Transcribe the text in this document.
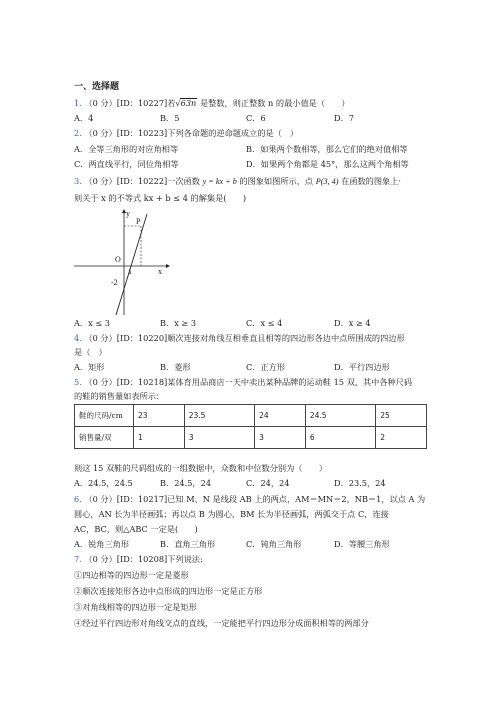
一、选择题
1. （0 分）[ID：10227]若√63n 是整数，则正整数 n 的最小值是（　　）
A．4	B．5	C．6	D．7
2. （0 分）[ID：10223]下列各命题的逆命题成立的是（　）
A．全等三角形的对应角相等	B．如果两个数相等，那么它们的绝对值相等
C．两直线平行，同位角相等	D．如果两个角都是 45°，那么这两个角相等
3. （0 分）[ID：10222]一次函数 y = kx + b 的图象如图所示，点 P(3, 4) 在函数的图象上·
则关于 x 的不等式 kx + b ≤ 4 的解集是(　　)
y
x
O
1
-2
P
A．x ≤ 3	B．x ≥ 3	C．x ≤ 4	D．x ≥ 4
4. （0 分）[ID：10220]顺次连接对角线互相垂直且相等的四边形各边中点所围成的四边形
是（　）
A．矩形	B．菱形	C．正方形	D．平行四边形
5. （0 分）[ID：10218]某体育用品商店一天中卖出某种品牌的运动鞋 15 双，其中各种尺码
的鞋的销售量如表所示：
鞋的尺码/cm	23	23.5	24	24.5	25
销售量/双	1	3	3	6	2
则这 15 双鞋的尺码组成的一组数据中，众数和中位数分别为（　　）
A．24.5，24.5	B．24.5，24	C．24，24	D．23.5，24
6. （0 分）[ID：10217]已知 M、N 是线段 AB 上的两点，AM＝MN＝2，NB＝1，以点 A 为
圆心，AN 长为半径画弧；再以点 B 为圆心，BM 长为半径画弧，两弧交于点 C，连接
AC，BC，则△ABC 一定是(　　)
A．锐角三角形	B．直角三角形	C．钝角三角形	D．等腰三角形
7. （0 分）[ID：10208]下列说法:
①四边相等的四边形一定是菱形
②顺次连接矩形各边中点形成的四边形一定是正方形
③对角线相等的四边形一定是矩形
④经过平行四边形对角线交点的直线，一定能把平行四边形分成面积相等的两部分
